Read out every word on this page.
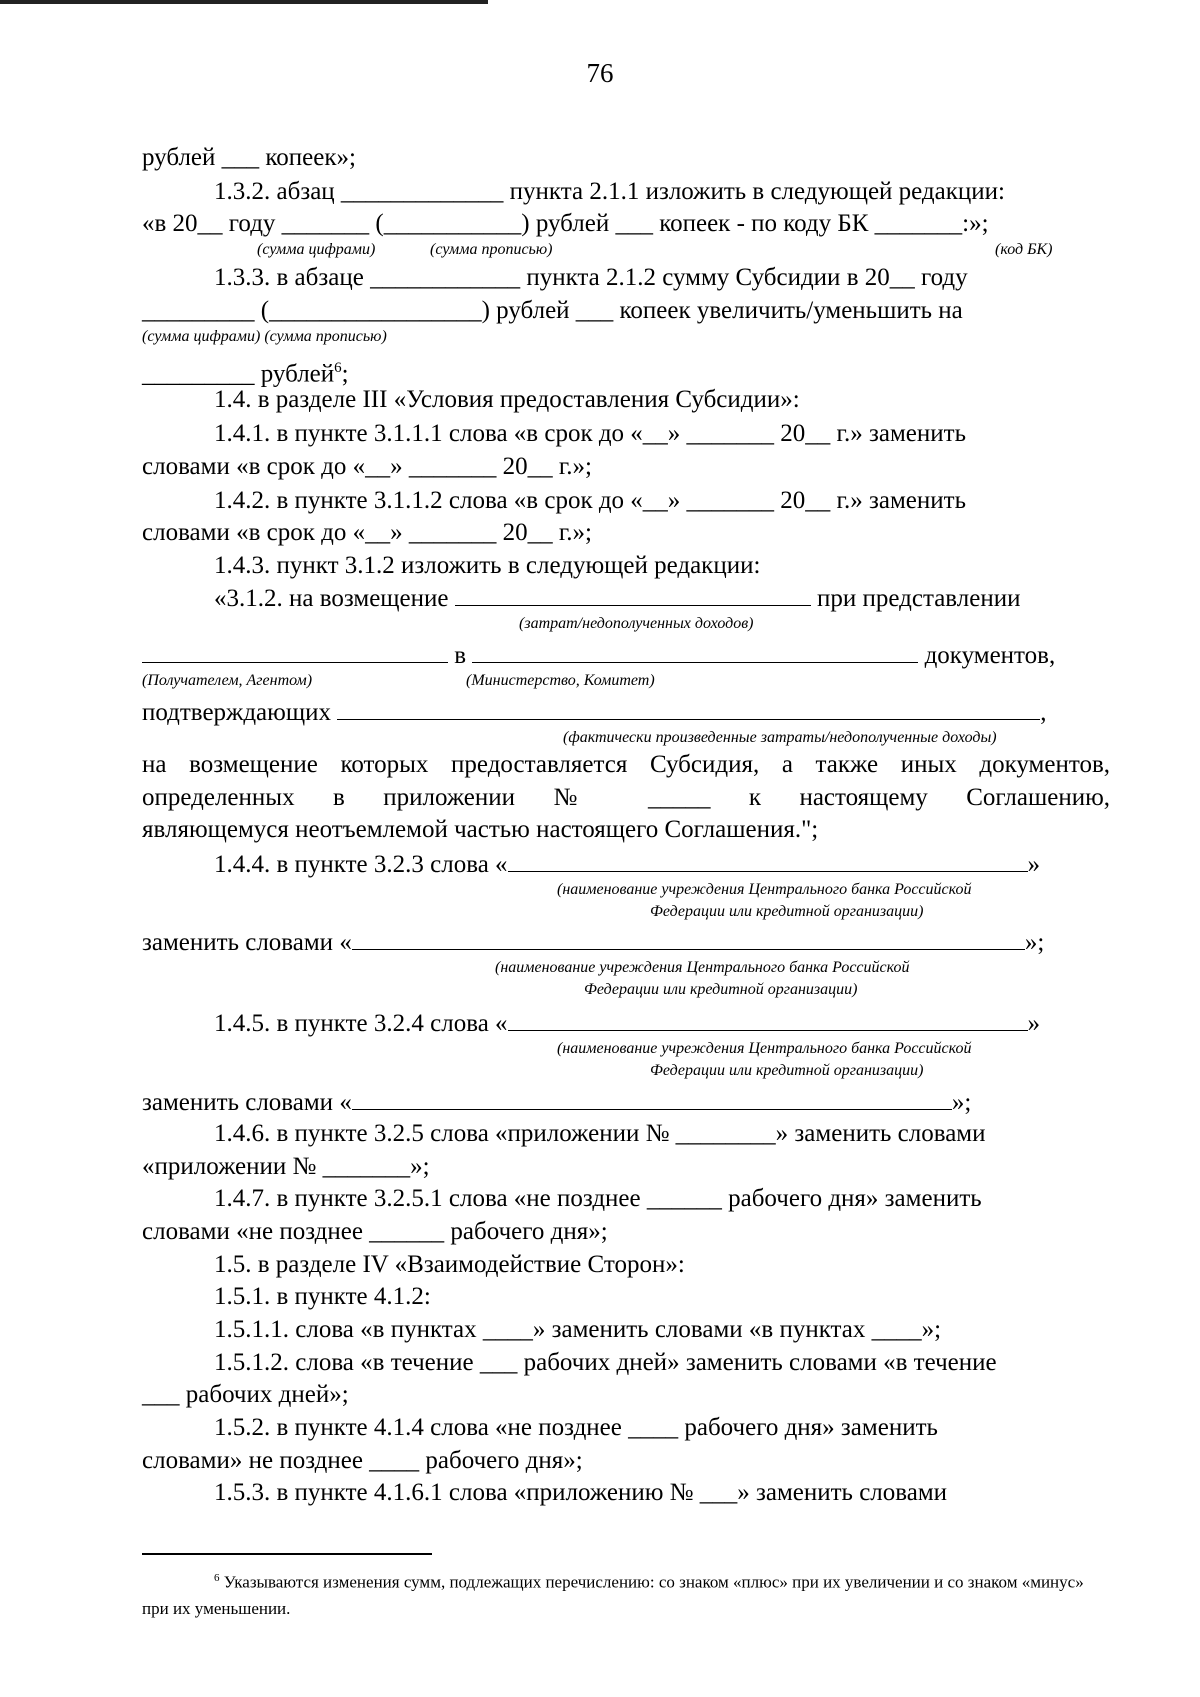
76
рублей ___ копеек»;
1.3.2. абзац _____________ пункта 2.1.1 изложить в следующей редакции:
«в 20__ году _______ (___________) рублей ___ копеек - по коду БК _______:»;
(сумма цифрами)	(сумма прописью)	(код БК)
1.3.3. в абзаце ____________ пункта 2.1.2 сумму Субсидии в 20__ году
_________ (_________________) рублей ___ копеек увеличить/уменьшить на
(сумма цифрами) (сумма прописью)
_________ рублей$^6$;
1.4. в разделе III «Условия предоставления Субсидии»:
1.4.1. в пункте 3.1.1.1 слова «в срок до «__» _______ 20__ г.» заменить
словами «в срок до «__» _______ 20__ г.»;
1.4.2. в пункте 3.1.1.2 слова «в срок до «__» _______ 20__ г.» заменить
словами «в срок до «__» _______ 20__ г.»;
1.4.3. пункт 3.1.2 изложить в следующей редакции:
«3.1.2. на возмещение	при представлении
(затрат/недополученных доходов)
в	документов,
(Получателем, Агентом)	(Министерство, Комитет)
подтверждающих	,
(фактически произведенные затраты/недополученные доходы)
на возмещение которых предоставляется Субсидия, а также иных документов,
определенных в приложении № _____ к настоящему Соглашению,
являющемуся неотъемлемой частью настоящего Соглашения.";
1.4.4. в пункте 3.2.3 слова «	»
(наименование учреждения Центрального банка Российской
Федерации или кредитной организации)
заменить словами «	»;
(наименование учреждения Центрального банка Российской
Федерации или кредитной организации)
1.4.5. в пункте 3.2.4 слова «	»
(наименование учреждения Центрального банка Российской
Федерации или кредитной организации)
заменить словами «	»;
1.4.6. в пункте 3.2.5 слова «приложении № ________» заменить словами
«приложении № _______»;
1.4.7. в пункте 3.2.5.1 слова «не позднее ______ рабочего дня» заменить
словами «не позднее ______ рабочего дня»;
1.5. в разделе IV «Взаимодействие Сторон»:
1.5.1. в пункте 4.1.2:
1.5.1.1. слова «в пунктах ____» заменить словами «в пунктах ____»;
1.5.1.2. слова «в течение ___ рабочих дней» заменить словами «в течение
___ рабочих дней»;
1.5.2. в пункте 4.1.4 слова «не позднее ____ рабочего дня» заменить
словами» не позднее ____ рабочего дня»;
1.5.3. в пункте 4.1.6.1 слова «приложению № ___» заменить словами
$^6$ Указываются изменения сумм, подлежащих перечислению: со знаком «плюс» при их увеличении и со знаком «минус» при их уменьшении.
